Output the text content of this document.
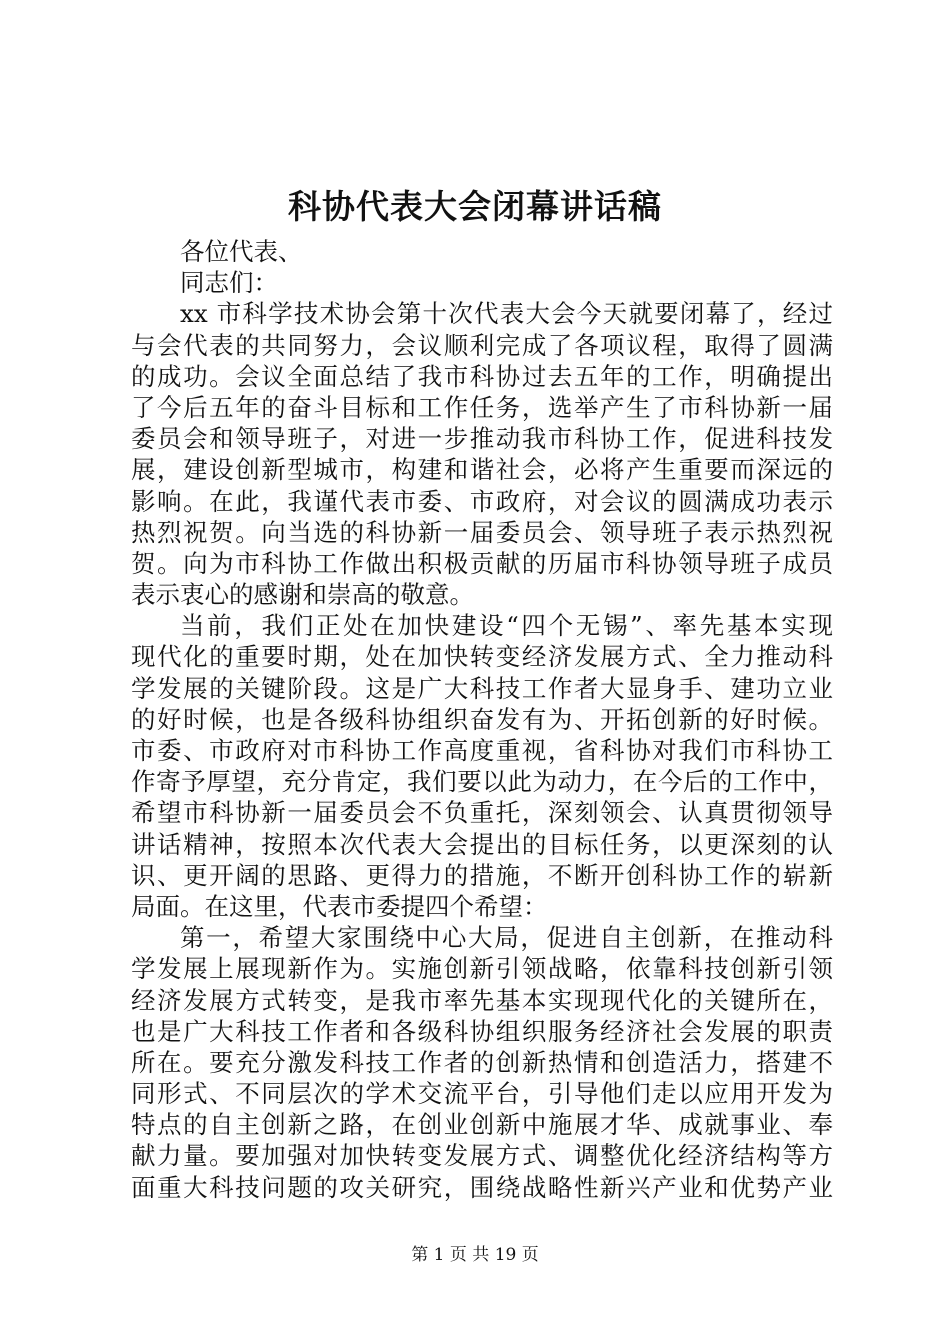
科协代表大会闭幕讲话稿
各位代表、
同志们：
xx 市科学技术协会第十次代表大会今天就要闭幕了，经过
与会代表的共同努力，会议顺利完成了各项议程，取得了圆满
的成功。会议全面总结了我市科协过去五年的工作，明确提出
了今后五年的奋斗目标和工作任务，选举产生了市科协新一届
委员会和领导班子，对进一步推动我市科协工作，促进科技发
展，建设创新型城市，构建和谐社会，必将产生重要而深远的
影响。在此，我谨代表市委、市政府，对会议的圆满成功表示
热烈祝贺。向当选的科协新一届委员会、领导班子表示热烈祝
贺。向为市科协工作做出积极贡献的历届市科协领导班子成员
表示衷心的感谢和崇高的敬意。
当前，我们正处在加快建设“四个无锡”、率先基本实现
现代化的重要时期，处在加快转变经济发展方式、全力推动科
学发展的关键阶段。这是广大科技工作者大显身手、建功立业
的好时候，也是各级科协组织奋发有为、开拓创新的好时候。
市委、市政府对市科协工作高度重视，省科协对我们市科协工
作寄予厚望，充分肯定，我们要以此为动力，在今后的工作中，
希望市科协新一届委员会不负重托，深刻领会、认真贯彻领导
讲话精神，按照本次代表大会提出的目标任务，以更深刻的认
识、更开阔的思路、更得力的措施，不断开创科协工作的崭新
局面。在这里，代表市委提四个希望：
第一，希望大家围绕中心大局，促进自主创新，在推动科
学发展上展现新作为。实施创新引领战略，依靠科技创新引领
经济发展方式转变，是我市率先基本实现现代化的关键所在，
也是广大科技工作者和各级科协组织服务经济社会发展的职责
所在。要充分激发科技工作者的创新热情和创造活力，搭建不
同形式、不同层次的学术交流平台，引导他们走以应用开发为
特点的自主创新之路，在创业创新中施展才华、成就事业、奉
献力量。要加强对加快转变发展方式、调整优化经济结构等方
面重大科技问题的攻关研究，围绕战略性新兴产业和优势产业
第 1 页 共 19 页
